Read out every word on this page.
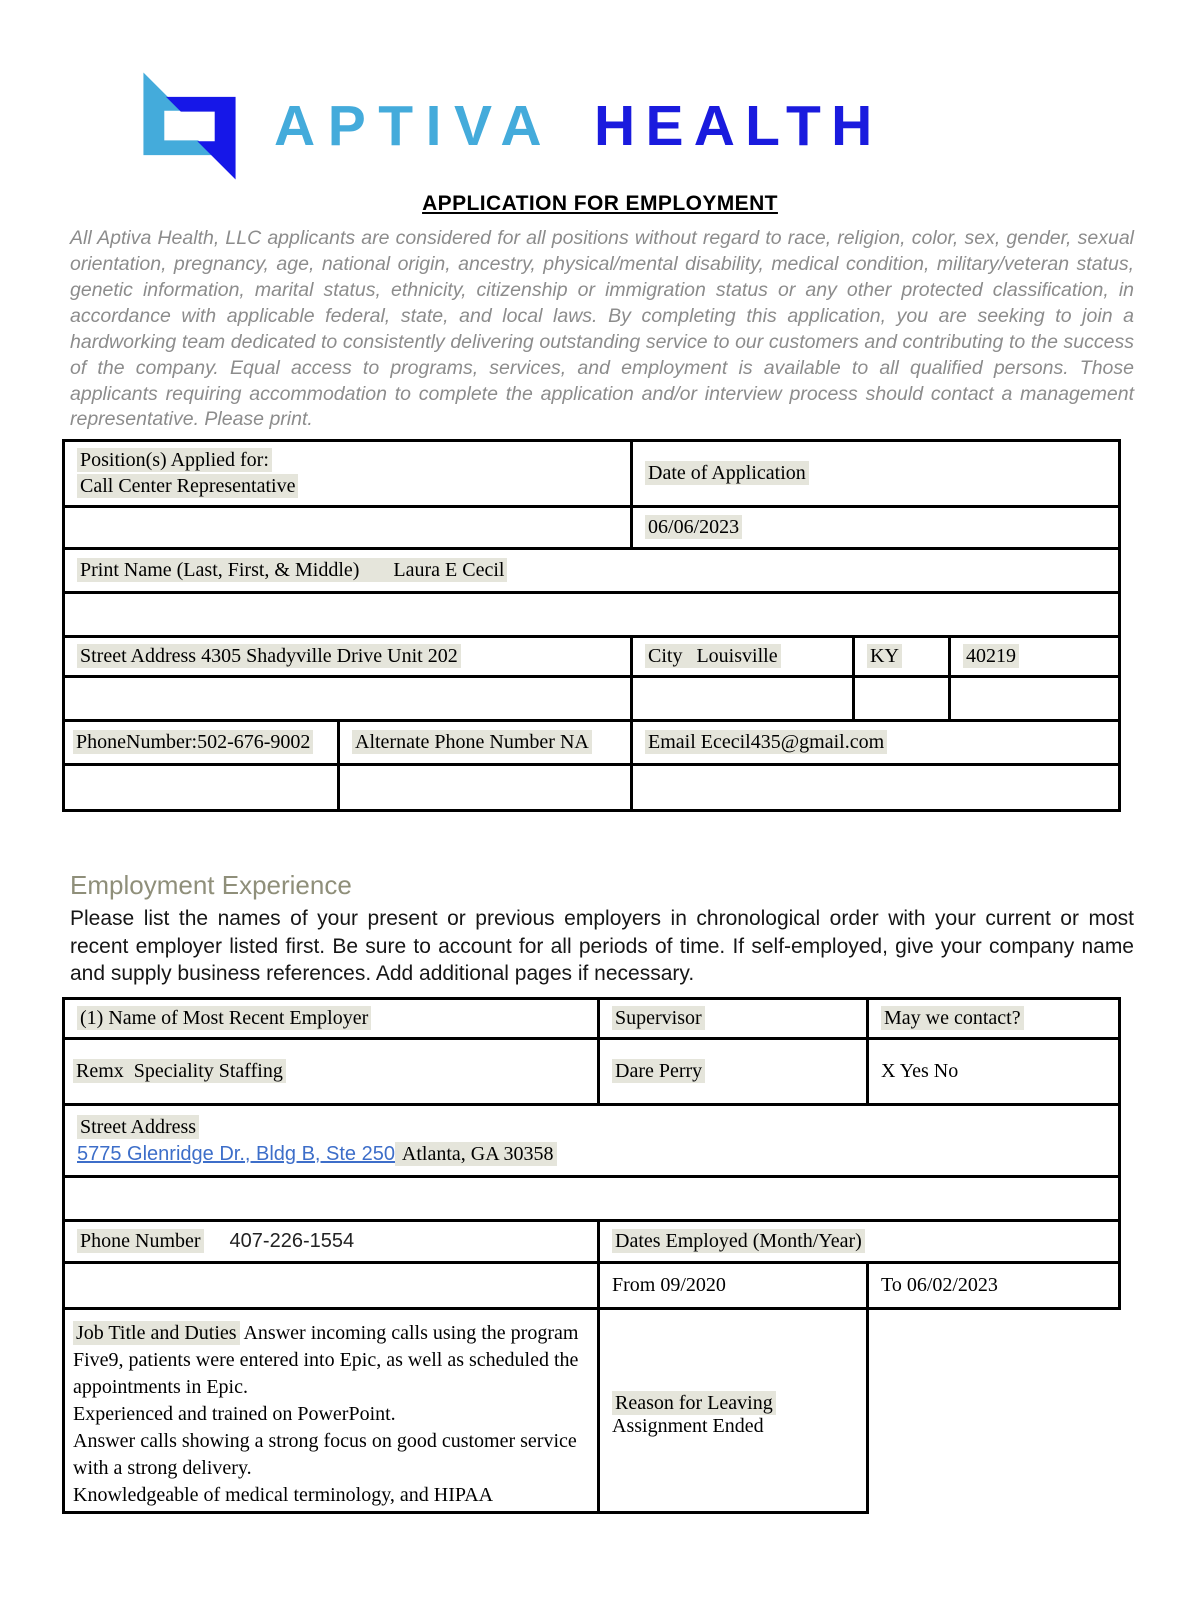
APTIVA HEALTH
APPLICATION FOR EMPLOYMENT

All Aptiva Health, LLC applicants are considered for all positions without regard to race, religion, color, sex, gender, sexual orientation, pregnancy, age, national origin, ancestry, physical/mental disability, medical condition, military/veteran status, genetic information, marital status, ethnicity, citizenship or immigration status or any other protected classification, in accordance with applicable federal, state, and local laws. By completing this application, you are seeking to join a hardworking team dedicated to consistently delivering outstanding service to our customers and contributing to the success of the company. Equal access to programs, services, and employment is available to all qualified persons. Those applicants requiring accommodation to complete the application and/or interview process should contact a management representative. Please print.

Position(s) Applied for:
Call Center Representative		Date of Application		
		06/06/2023		
Print Name (Last, First, & Middle) Laura E Cecil				

Street Address 4305 Shadyville Drive Unit 202		City Louisville	KY	40219

PhoneNumber:502-676-9002	Alternate Phone Number NA	Email Ececil435@gmail.com		

Employment Experience

Please list the names of your present or previous employers in chronological order with your current or most recent employer listed first. Be sure to account for all periods of time. If self-employed, give your company name and supply business references. Add additional pages if necessary.

(1) Name of Most Recent Employer	Supervisor	May we contact?
Remx  Speciality Staffing	Dare Perry	X Yes No

Street Address
5775 Glenridge Dr., Bldg B, Ste 250 Atlanta, GA 30358		

Phone Number 407-226-1554	Dates Employed (Month/Year)	
	From 09/2020	To 06/02/2023
Job Title and Duties Answer incoming calls using the program Five9, patients were entered into Epic, as well as scheduled the appointments in Epic.
Experienced and trained on PowerPoint.
Answer calls showing a strong focus on good customer service with a strong delivery.
Knowledgeable of medical terminology, and HIPAA	Reason for LeavingAssignment Ended	
